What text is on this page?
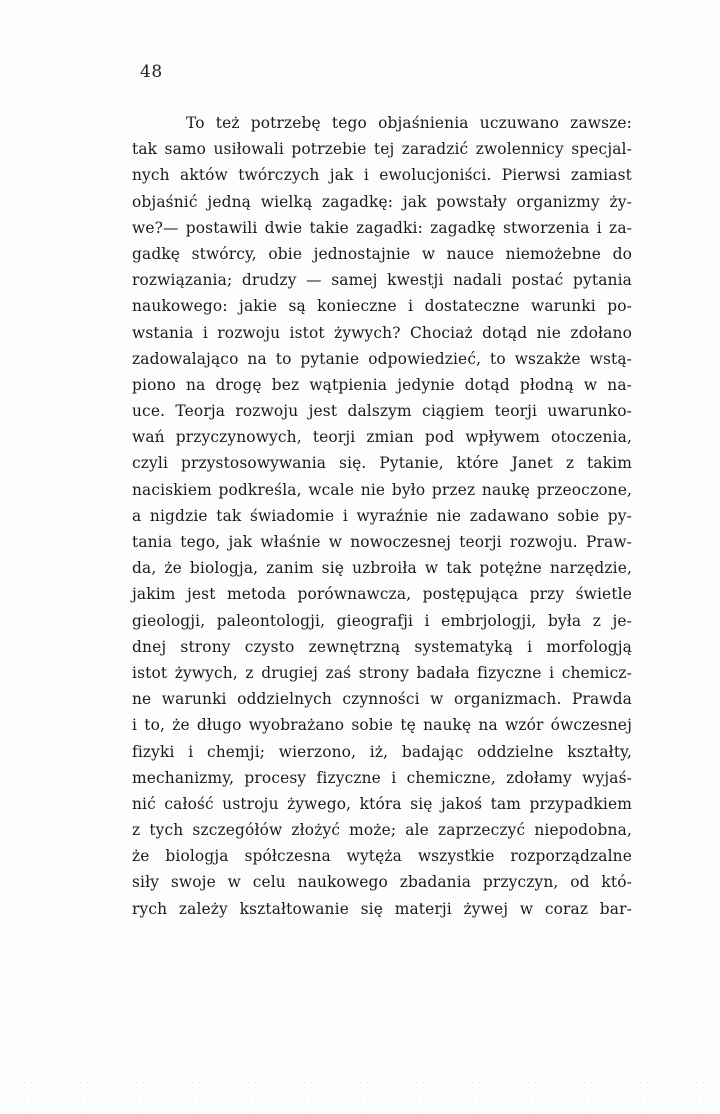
48
To też potrzebę tego objaśnienia uczuwano zawsze:
tak samo usiłowali potrzebie tej zaradzić zwolennicy specjal-
nych aktów twórczych jak i ewolucjoniści. Pierwsi zamiast
objaśnić jedną wielką zagadkę: jak powstały organizmy ży-
we?— postawili dwie takie zagadki: zagadkę stworzenia i za-
gadkę stwórcy, obie jednostajnie w nauce niemożebne do
rozwiązania; drudzy — samej kwestji nadali postać pytania
naukowego: jakie są konieczne i dostateczne warunki po-
wstania i rozwoju istot żywych? Chociaż dotąd nie zdołano
zadowalająco na to pytanie odpowiedzieć, to wszakże wstą-
piono na drogę bez wątpienia jedynie dotąd płodną w na-
uce. Teorja rozwoju jest dalszym ciągiem teorji uwarunko-
wań przyczynowych, teorji zmian pod wpływem otoczenia,
czyli przystosowywania się. Pytanie, które Janet z takim
naciskiem podkreśla, wcale nie było przez naukę przeoczone,
a nigdzie tak świadomie i wyraźnie nie zadawano sobie py-
tania tego, jak właśnie w nowoczesnej teorji rozwoju. Praw-
da, że biologja, zanim się uzbroiła w tak potężne narzędzie,
jakim jest metoda porównawcza, postępująca przy świetle
gieologji, paleontologji, gieografji i embrjologji, była z je-
dnej strony czysto zewnętrzną systematyką i morfologją
istot żywych, z drugiej zaś strony badała fizyczne i chemicz-
ne warunki oddzielnych czynności w organizmach. Prawda
i to, że długo wyobrażano sobie tę naukę na wzór ówczesnej
fizyki i chemji; wierzono, iż, badając oddzielne kształty,
mechanizmy, procesy fizyczne i chemiczne, zdołamy wyjaś-
nić całość ustroju żywego, która się jakoś tam przypadkiem
z tych szczegółów złożyć może; ale zaprzeczyć niepodobna,
że biologja spółczesna wytęża wszystkie rozporządzalne
siły swoje w celu naukowego zbadania przyczyn, od któ-
rych zależy kształtowanie się materji żywej w coraz bar-
